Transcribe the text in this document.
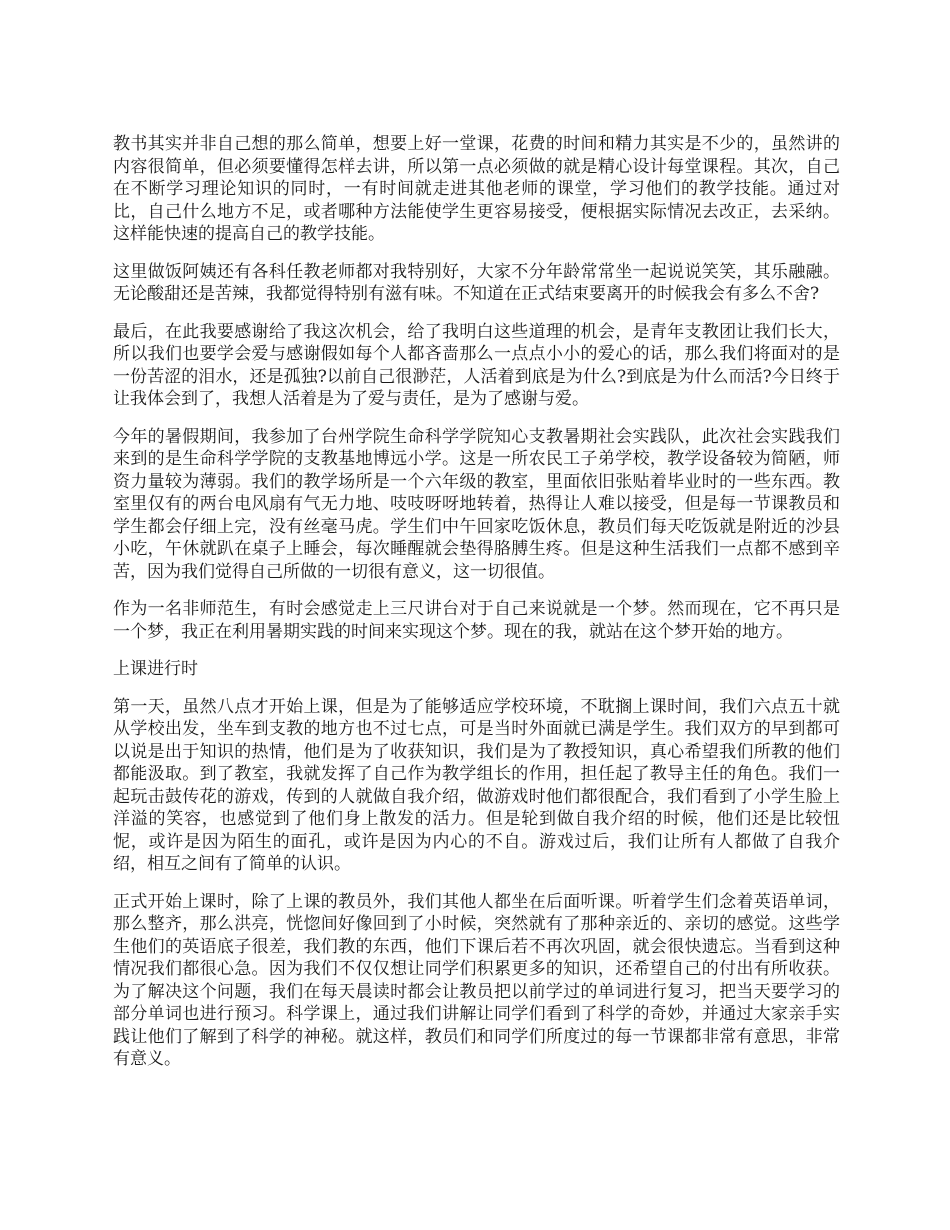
教书其实并非自己想的那么简单，想要上好一堂课，花费的时间和精力其实是不少的，虽然讲的内容很简单，但必须要懂得怎样去讲，所以第一点必须做的就是精心设计每堂课程。其次，自己在不断学习理论知识的同时，一有时间就走进其他老师的课堂，学习他们的教学技能。通过对比，自己什么地方不足，或者哪种方法能使学生更容易接受，便根据实际情况去改正，去采纳。这样能快速的提高自己的教学技能。

这里做饭阿姨还有各科任教老师都对我特别好，大家不分年龄常常坐一起说说笑笑，其乐融融。无论酸甜还是苦辣，我都觉得特别有滋有味。不知道在正式结束要离开的时候我会有多么不舍?

最后，在此我要感谢给了我这次机会，给了我明白这些道理的机会，是青年支教团让我们长大，所以我们也要学会爱与感谢假如每个人都吝啬那么一点点小小的爱心的话，那么我们将面对的是一份苦涩的泪水，还是孤独?以前自己很渺茫，人活着到底是为什么?到底是为什么而活?今日终于让我体会到了，我想人活着是为了爱与责任，是为了感谢与爱。

今年的暑假期间，我参加了台州学院生命科学学院知心支教暑期社会实践队，此次社会实践我们来到的是生命科学学院的支教基地博远小学。这是一所农民工子弟学校，教学设备较为简陋，师资力量较为薄弱。我们的教学场所是一个六年级的教室，里面依旧张贴着毕业时的一些东西。教室里仅有的两台电风扇有气无力地、吱吱呀呀地转着，热得让人难以接受，但是每一节课教员和学生都会仔细上完，没有丝毫马虎。学生们中午回家吃饭休息，教员们每天吃饭就是附近的沙县小吃，午休就趴在桌子上睡会，每次睡醒就会垫得胳膊生疼。但是这种生活我们一点都不感到辛苦，因为我们觉得自己所做的一切很有意义，这一切很值。

作为一名非师范生，有时会感觉走上三尺讲台对于自己来说就是一个梦。然而现在，它不再只是一个梦，我正在利用暑期实践的时间来实现这个梦。现在的我，就站在这个梦开始的地方。

上课进行时

第一天，虽然八点才开始上课，但是为了能够适应学校环境，不耽搁上课时间，我们六点五十就从学校出发，坐车到支教的地方也不过七点，可是当时外面就已满是学生。我们双方的早到都可以说是出于知识的热情，他们是为了收获知识，我们是为了教授知识，真心希望我们所教的他们都能汲取。到了教室，我就发挥了自己作为教学组长的作用，担任起了教导主任的角色。我们一起玩击鼓传花的游戏，传到的人就做自我介绍，做游戏时他们都很配合，我们看到了小学生脸上洋溢的笑容，也感觉到了他们身上散发的活力。但是轮到做自我介绍的时候，他们还是比较忸怩，或许是因为陌生的面孔，或许是因为内心的不自。游戏过后，我们让所有人都做了自我介绍，相互之间有了简单的认识。

正式开始上课时，除了上课的教员外，我们其他人都坐在后面听课。听着学生们念着英语单词，那么整齐，那么洪亮，恍惚间好像回到了小时候，突然就有了那种亲近的、亲切的感觉。这些学生他们的英语底子很差，我们教的东西，他们下课后若不再次巩固，就会很快遗忘。当看到这种情况我们都很心急。因为我们不仅仅想让同学们积累更多的知识，还希望自己的付出有所收获。为了解决这个问题，我们在每天晨读时都会让教员把以前学过的单词进行复习，把当天要学习的部分单词也进行预习。科学课上，通过我们讲解让同学们看到了科学的奇妙，并通过大家亲手实践让他们了解到了科学的神秘。就这样，教员们和同学们所度过的每一节课都非常有意思，非常有意义。
